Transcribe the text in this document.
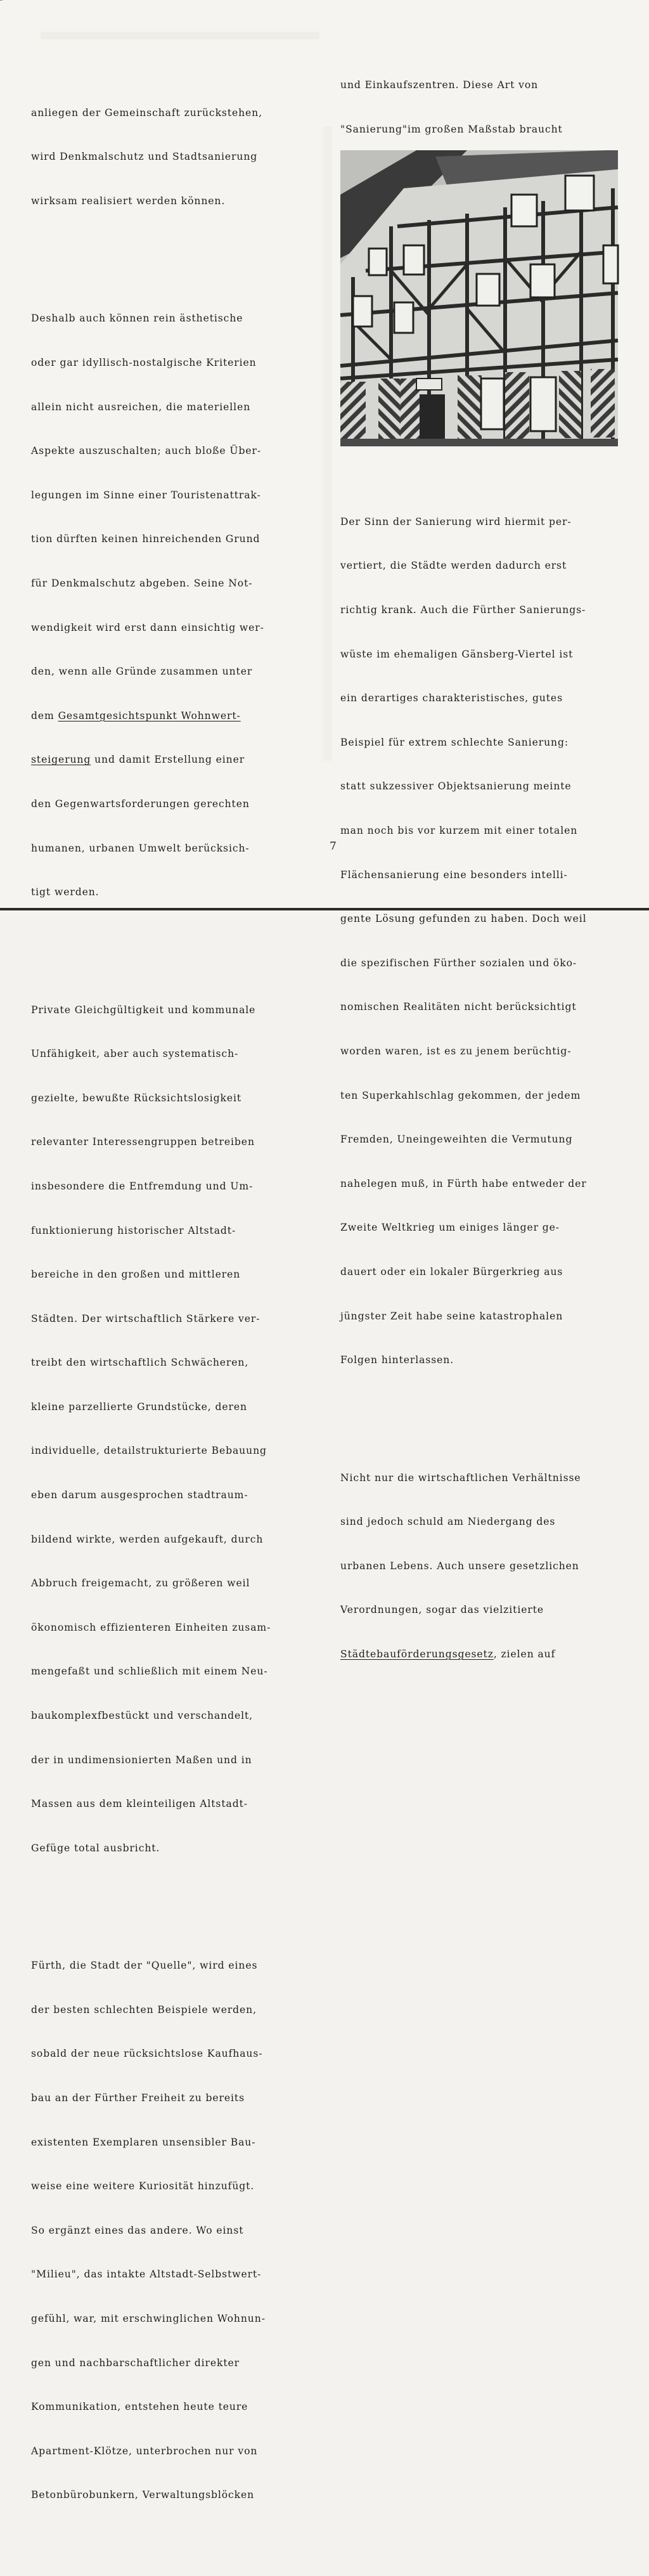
anliegen der Gemeinschaft zurückstehen,

wird Denkmalschutz und Stadtsanierung

wirksam realisiert werden können.

Deshalb auch können rein ästhetische

oder gar idyllisch-nostalgische Kriterien

allein nicht ausreichen, die materiellen

Aspekte auszuschalten; auch bloße Über-

legungen im Sinne einer Touristenattrak-

tion dürften keinen hinreichenden Grund

für Denkmalschutz abgeben. Seine Not-

wendigkeit wird erst dann einsichtig wer-

den, wenn alle Gründe zusammen unter

dem Gesamtgesichtspunkt Wohnwert-

steigerung und damit Erstellung einer

den Gegenwartsforderungen gerechten

humanen, urbanen Umwelt berücksich-

tigt werden.

Private Gleichgültigkeit und kommunale

Unfähigkeit, aber auch systematisch-

gezielte, bewußte Rücksichtslosigkeit

relevanter Interessengruppen betreiben

insbesondere die Entfremdung und Um-

funktionierung historischer Altstadt-

bereiche in den großen und mittleren

Städten. Der wirtschaftlich Stärkere ver-

treibt den wirtschaftlich Schwächeren,

kleine parzellierte Grundstücke, deren

individuelle, detailstrukturierte Bebauung

eben darum ausgesprochen stadtraum-

bildend wirkte, werden aufgekauft, durch

Abbruch freigemacht, zu größeren weil

ökonomisch effizienteren Einheiten zusam-

mengefaßt und schließlich mit einem Neu-

baukomplexfbestückt und verschandelt,

der in undimensionierten Maßen und in

Massen aus dem kleinteiligen Altstadt-

Gefüge total ausbricht.

Fürth, die Stadt der "Quelle", wird eines

der besten schlechten Beispiele werden,

sobald der neue rücksichtslose Kaufhaus-

bau an der Fürther Freiheit zu bereits

existenten Exemplaren unsensibler Bau-

weise eine weitere Kuriosität hinzufügt.

So ergänzt eines das andere. Wo einst

"Milieu", das intakte Altstadt-Selbstwert-

gefühl, war, mit erschwinglichen Wohnun-

gen und nachbarschaftlicher direkter

Kommunikation, entstehen heute teure

Apartment-Klötze, unterbrochen nur von

Betonbürobunkern, Verwaltungsblöcken

und Einkaufszentren. Diese Art von

"Sanierung"im großen Maßstab braucht

Der Sinn der Sanierung wird hiermit per-

vertiert, die Städte werden dadurch erst

richtig krank. Auch die Fürther Sanierungs-

wüste im ehemaligen Gänsberg-Viertel ist

ein derartiges charakteristisches, gutes

Beispiel für extrem schlechte Sanierung:

statt sukzessiver Objektsanierung meinte

man noch bis vor kurzem mit einer totalen

Flächensanierung eine besonders intelli-

gente Lösung gefunden zu haben. Doch weil

die spezifischen Fürther sozialen und öko-

nomischen Realitäten nicht berücksichtigt

worden waren, ist es zu jenem berüchtig-

ten Superkahlschlag gekommen, der jedem

Fremden, Uneingeweihten die Vermutung

nahelegen muß, in Fürth habe entweder der

Zweite Weltkrieg um einiges länger ge-

dauert oder ein lokaler Bürgerkrieg aus

jüngster Zeit habe seine katastrophalen

Folgen hinterlassen.

Nicht nur die wirtschaftlichen Verhältnisse

sind jedoch schuld am Niedergang des

urbanen Lebens. Auch unsere gesetzlichen

Verordnungen, sogar das vielzitierte

Städtebauförderungsgesetz, zielen auf

7
